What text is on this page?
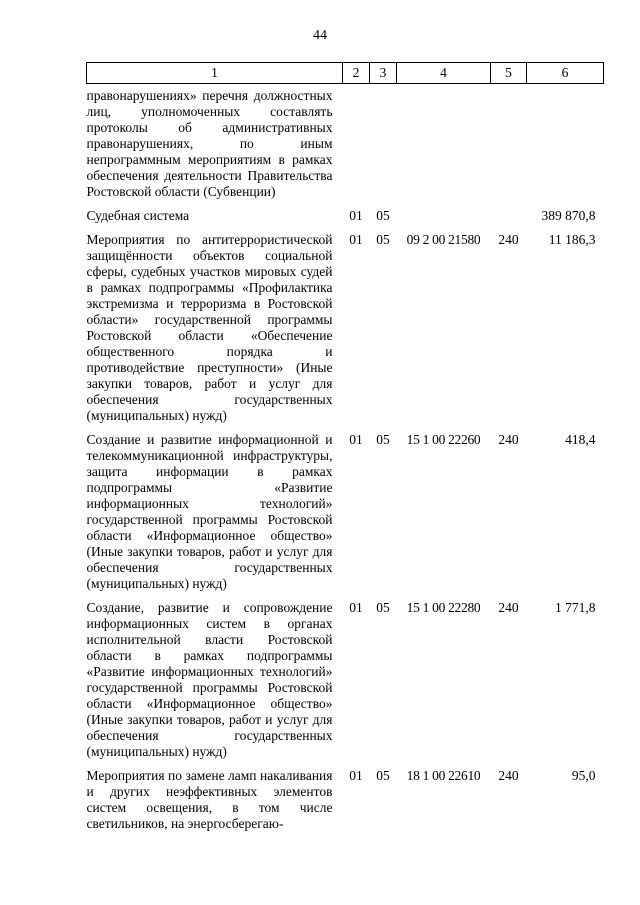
44
1	2	3	4	5	6
правонарушениях» перечня должностных лиц, уполномоченных составлять протоколы об административных правонарушениях, по иным непрограммным мероприятиям в рамках обеспечения деятельности Правительства Ростовской области (Субвенции)					
Судебная система	01	05			389 870,8
Мероприятия по антитеррористической защищённости объектов социальной сферы, судебных участков мировых судей в рамках подпрограммы «Профилактика экстремизма и терроризма в Ростовской области» государственной программы Ростовской области «Обеспечение общественного порядка и противодействие преступности» (Иные закупки товаров, работ и услуг для обеспечения государственных (муниципальных) нужд)	01	05	09 2 00 21580	240	11 186,3
Создание и развитие информационной и телекоммуникационной инфраструктуры, защита информации в рамках подпрограммы «Развитие информационных технологий» государственной программы Ростовской области «Информационное общество» (Иные закупки товаров, работ и услуг для обеспечения государственных (муниципальных) нужд)	01	05	15 1 00 22260	240	418,4
Создание, развитие и сопровождение информационных систем в органах исполнительной власти Ростовской области в рамках подпрограммы «Развитие информационных технологий» государственной программы Ростовской области «Информационное общество» (Иные закупки товаров, работ и услуг для обеспечения государственных (муниципальных) нужд)	01	05	15 1 00 22280	240	1 771,8
Мероприятия по замене ламп накаливания и других неэффективных элементов систем освещения, в том числе светильников, на энергосберегаю-	01	05	18 1 00 22610	240	95,0
